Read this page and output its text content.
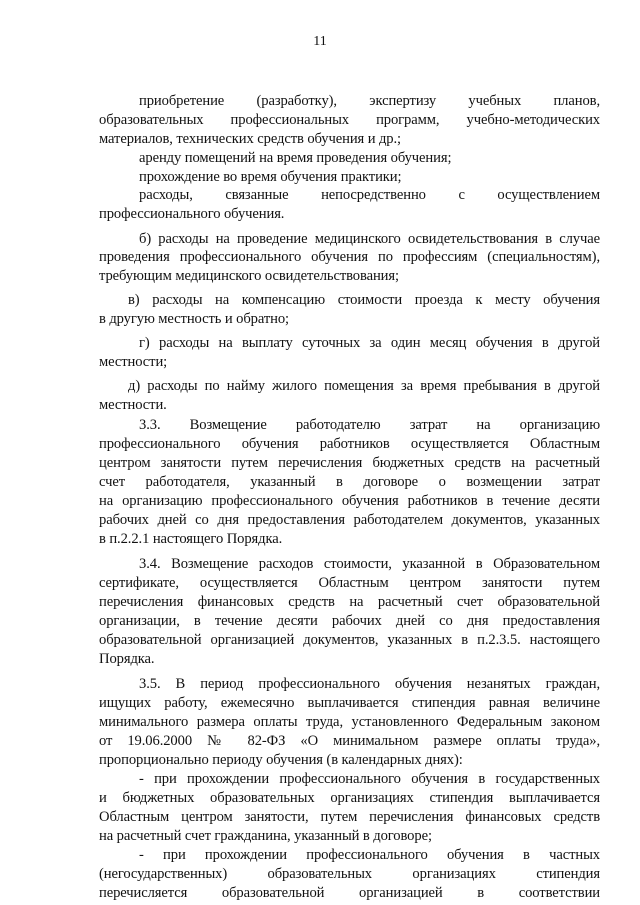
11
приобретение (разработку), экспертизу учебных планов,
образовательных профессиональных программ, учебно-методических
материалов, технических средств обучения и др.;
аренду помещений на время проведения обучения;
прохождение во время обучения практики;
расходы, связанные непосредственно с осуществлением
профессионального обучения.
б) расходы на проведение медицинского освидетельствования в случае
проведения профессионального обучения по профессиям (специальностям),
требующим медицинского освидетельствования;
в) расходы на компенсацию стоимости проезда к месту обучения
в другую местность и обратно;
г) расходы на выплату суточных за один месяц обучения в другой
местности;
д) расходы по найму жилого помещения за время пребывания в другой
местности.
3.3. Возмещение работодателю затрат на организацию
профессионального обучения работников осуществляется Областным
центром занятости путем перечисления бюджетных средств на расчетный
счет работодателя, указанный в договоре о возмещении затрат
на организацию профессионального обучения работников в течение десяти
рабочих дней со дня предоставления работодателем документов, указанных
в п.2.2.1 настоящего Порядка.
3.4. Возмещение расходов стоимости, указанной в Образовательном
сертификате, осуществляется Областным центром занятости путем
перечисления финансовых средств на расчетный счет образовательной
организации, в течение десяти рабочих дней со дня предоставления
образовательной организацией документов, указанных в п.2.3.5. настоящего
Порядка.
3.5. В период профессионального обучения незанятых граждан,
ищущих работу, ежемесячно выплачивается стипендия равная величине
минимального размера оплаты труда, установленного Федеральным законом
от 19.06.2000 № 82-ФЗ «О минимальном размере оплаты труда»,
пропорционально периоду обучения (в календарных днях):
- при прохождении профессионального обучения в государственных
и бюджетных образовательных организациях стипендия выплачивается
Областным центром занятости, путем перечисления финансовых средств
на расчетный счет гражданина, указанный в договоре;
- при прохождении профессионального обучения в частных
(негосударственных) образовательных организациях стипендия
перечисляется образовательной организацией в соответствии
